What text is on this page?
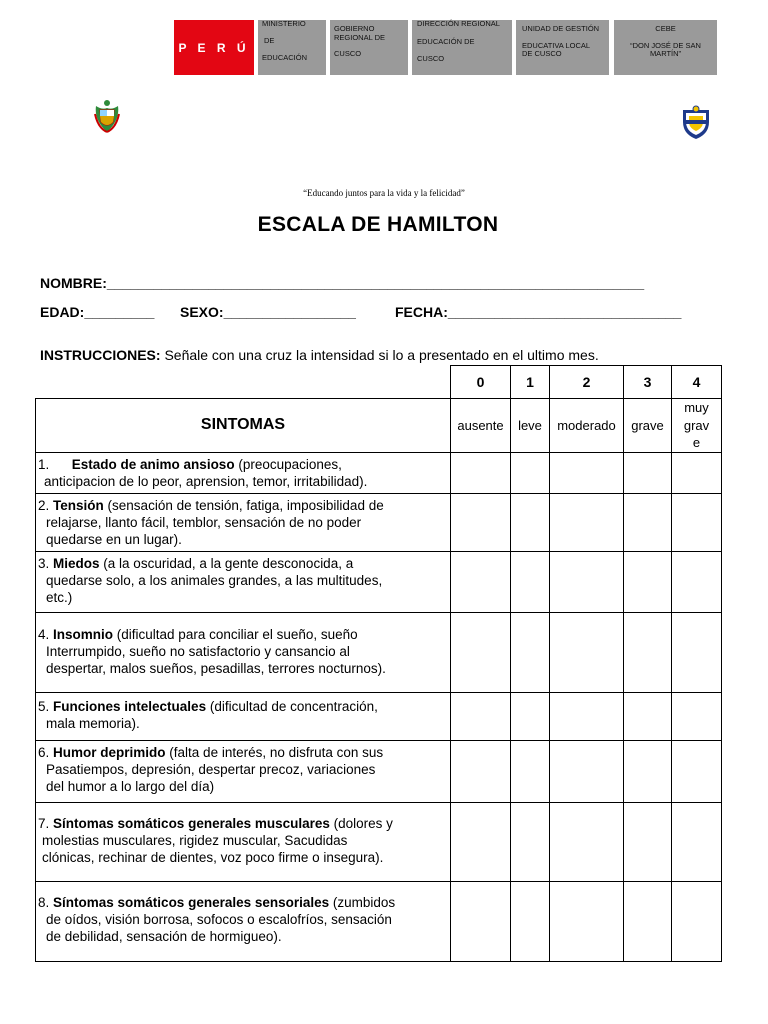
P E R Ú
MINISTERIO
DE
EDUCACIÓN
GOBIERNO
REGIONAL DE
CUSCO
DIRECCIÓN REGIONAL
EDUCACIÓN DE
CUSCO
UNIDAD DE GESTIÓN
EDUCATIVA LOCAL
DE CUSCO
CEBE
“DON JOSÉ DE SAN
MARTÍN”
“Educando juntos para la vida y la felicidad”
ESCALA DE HAMILTON
NOMBRE:_____________________________________________________________________
EDAD:_________ SEXO:_________________	FECHA:______________________________
INSTRUCCIONES: Señale con una cruz la intensidad si lo a presentado en el ultimo mes.
	0	1	2	3	4
SINTOMAS	ausente	leve	moderado	grave	muy grav e

1. Estado de animo ansioso (preocupaciones,
anticipacion de lo peor, aprension, temor, irritabilidad).					

2. Tensión (sensación de tensión, fatiga, imposibilidad de
relajarse, llanto fácil, temblor, sensación de no poder
quedarse en un lugar).					

3. Miedos (a la oscuridad, a la gente desconocida, a
quedarse solo, a los animales grandes, a las multitudes,
etc.)					

4. Insomnio (dificultad para conciliar el sueño, sueño
Interrumpido, sueño no satisfactorio y cansancio al
despertar, malos sueños, pesadillas, terrores nocturnos).					

5. Funciones intelectuales (dificultad de concentración,
mala memoria).					

6. Humor deprimido (falta de interés, no disfruta con sus
Pasatiempos, depresión, despertar precoz, variaciones
del humor a lo largo del día)					

7. Síntomas somáticos generales musculares (dolores y
molestias musculares, rigidez muscular, Sacudidas
clónicas, rechinar de dientes, voz poco firme o insegura).					

8. Síntomas somáticos generales sensoriales (zumbidos
de oídos, visión borrosa, sofocos o escalofríos, sensación
de debilidad, sensación de hormigueo).					
